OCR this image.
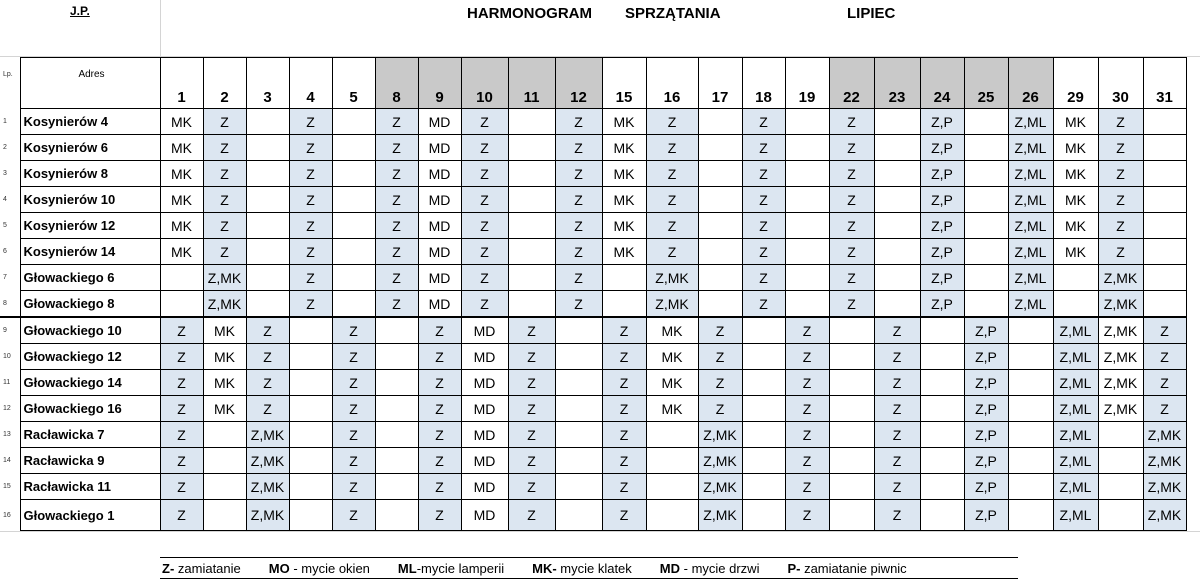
J.P.	HARMONOGRAM SPRZĄTANIA	LIPIEC
Lp.	Adres	1	2	3	4	5	8	9	10	11	12	15	16	17	18	19	22	23	24	25	26	29	30	31
1	Kosynierów 4	MK	Z		Z		Z	MD	Z		Z	MK	Z		Z		Z		Z,P		Z,ML	MK	Z	
2	Kosynierów 6	MK	Z		Z		Z	MD	Z		Z	MK	Z		Z		Z		Z,P		Z,ML	MK	Z	
3	Kosynierów 8	MK	Z		Z		Z	MD	Z		Z	MK	Z		Z		Z		Z,P		Z,ML	MK	Z	
4	Kosynierów 10	MK	Z		Z		Z	MD	Z		Z	MK	Z		Z		Z		Z,P		Z,ML	MK	Z	
5	Kosynierów 12	MK	Z		Z		Z	MD	Z		Z	MK	Z		Z		Z		Z,P		Z,ML	MK	Z	
6	Kosynierów 14	MK	Z		Z		Z	MD	Z		Z	MK	Z		Z		Z		Z,P		Z,ML	MK	Z	
7	Głowackiego 6		Z,MK		Z		Z	MD	Z		Z		Z,MK		Z		Z		Z,P		Z,ML		Z,MK	
8	Głowackiego 8		Z,MK		Z		Z	MD	Z		Z		Z,MK		Z		Z		Z,P		Z,ML		Z,MK	
9	Głowackiego 10	Z	MK	Z		Z		Z	MD	Z		Z	MK	Z		Z		Z		Z,P		Z,ML	Z,MK	Z
10	Głowackiego 12	Z	MK	Z		Z		Z	MD	Z		Z	MK	Z		Z		Z		Z,P		Z,ML	Z,MK	Z
11	Głowackiego 14	Z	MK	Z		Z		Z	MD	Z		Z	MK	Z		Z		Z		Z,P		Z,ML	Z,MK	Z
12	Głowackiego 16	Z	MK	Z		Z		Z	MD	Z		Z	MK	Z		Z		Z		Z,P		Z,ML	Z,MK	Z
13	Racławicka 7	Z		Z,MK		Z		Z	MD	Z		Z		Z,MK		Z		Z		Z,P		Z,ML		Z,MK
14	Racławicka 9	Z		Z,MK		Z		Z	MD	Z		Z		Z,MK		Z		Z		Z,P		Z,ML		Z,MK
15	Racławicka 11	Z		Z,MK		Z		Z	MD	Z		Z		Z,MK		Z		Z		Z,P		Z,ML		Z,MK
16	Głowackiego 1	Z		Z,MK		Z		Z	MD	Z		Z		Z,MK		Z		Z		Z,P		Z,ML		Z,MK
Z- zamiatanie MO - mycie okien ML-mycie lamperii MK- mycie klatek MD - mycie drzwi P- zamiatanie piwnic
